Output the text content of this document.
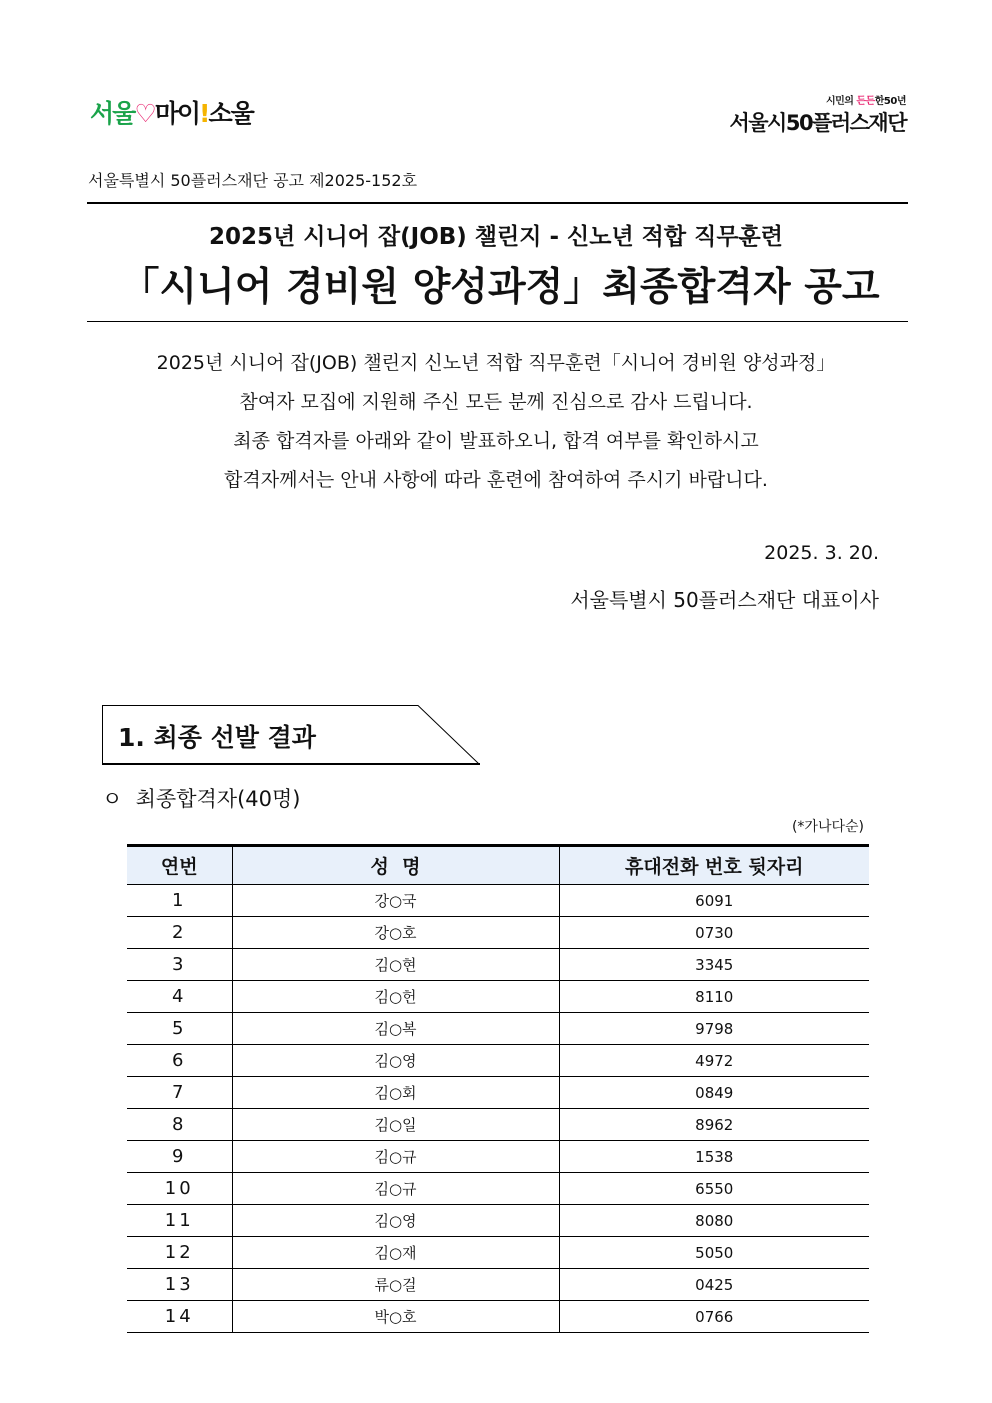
서울♡마이!소울	시민의 든든한50년
서울시50플러스재단
서울특별시 50플러스재단 공고 제2025-152호
2025년 시니어 잡(JOB) 챌린지 - 신노년 적합 직무훈련
「시니어 경비원 양성과정」최종합격자 공고
2025년 시니어 잡(JOB) 챌린지 신노년 적합 직무훈련「시니어 경비원 양성과정」
참여자 모집에 지원해 주신 모든 분께 진심으로 감사 드립니다.
최종 합격자를 아래와 같이 발표하오니, 합격 여부를 확인하시고
합격자께서는 안내 사항에 따라 훈련에 참여하여 주시기 바랍니다.
2025. 3. 20.
서울특별시 50플러스재단 대표이사
1. 최종 선발 결과
ㅇ  최종합격자(40명)
(*가나다순)
연번	성  명	휴대전화 번호 뒷자리
1	강○국	6091
2	강○호	0730
3	김○현	3345
4	김○헌	8110
5	김○복	9798
6	김○영	4972
7	김○회	0849
8	김○일	8962
9	김○규	1538
10	김○규	6550
11	김○영	8080
12	김○재	5050
13	류○걸	0425
14	박○호	0766
